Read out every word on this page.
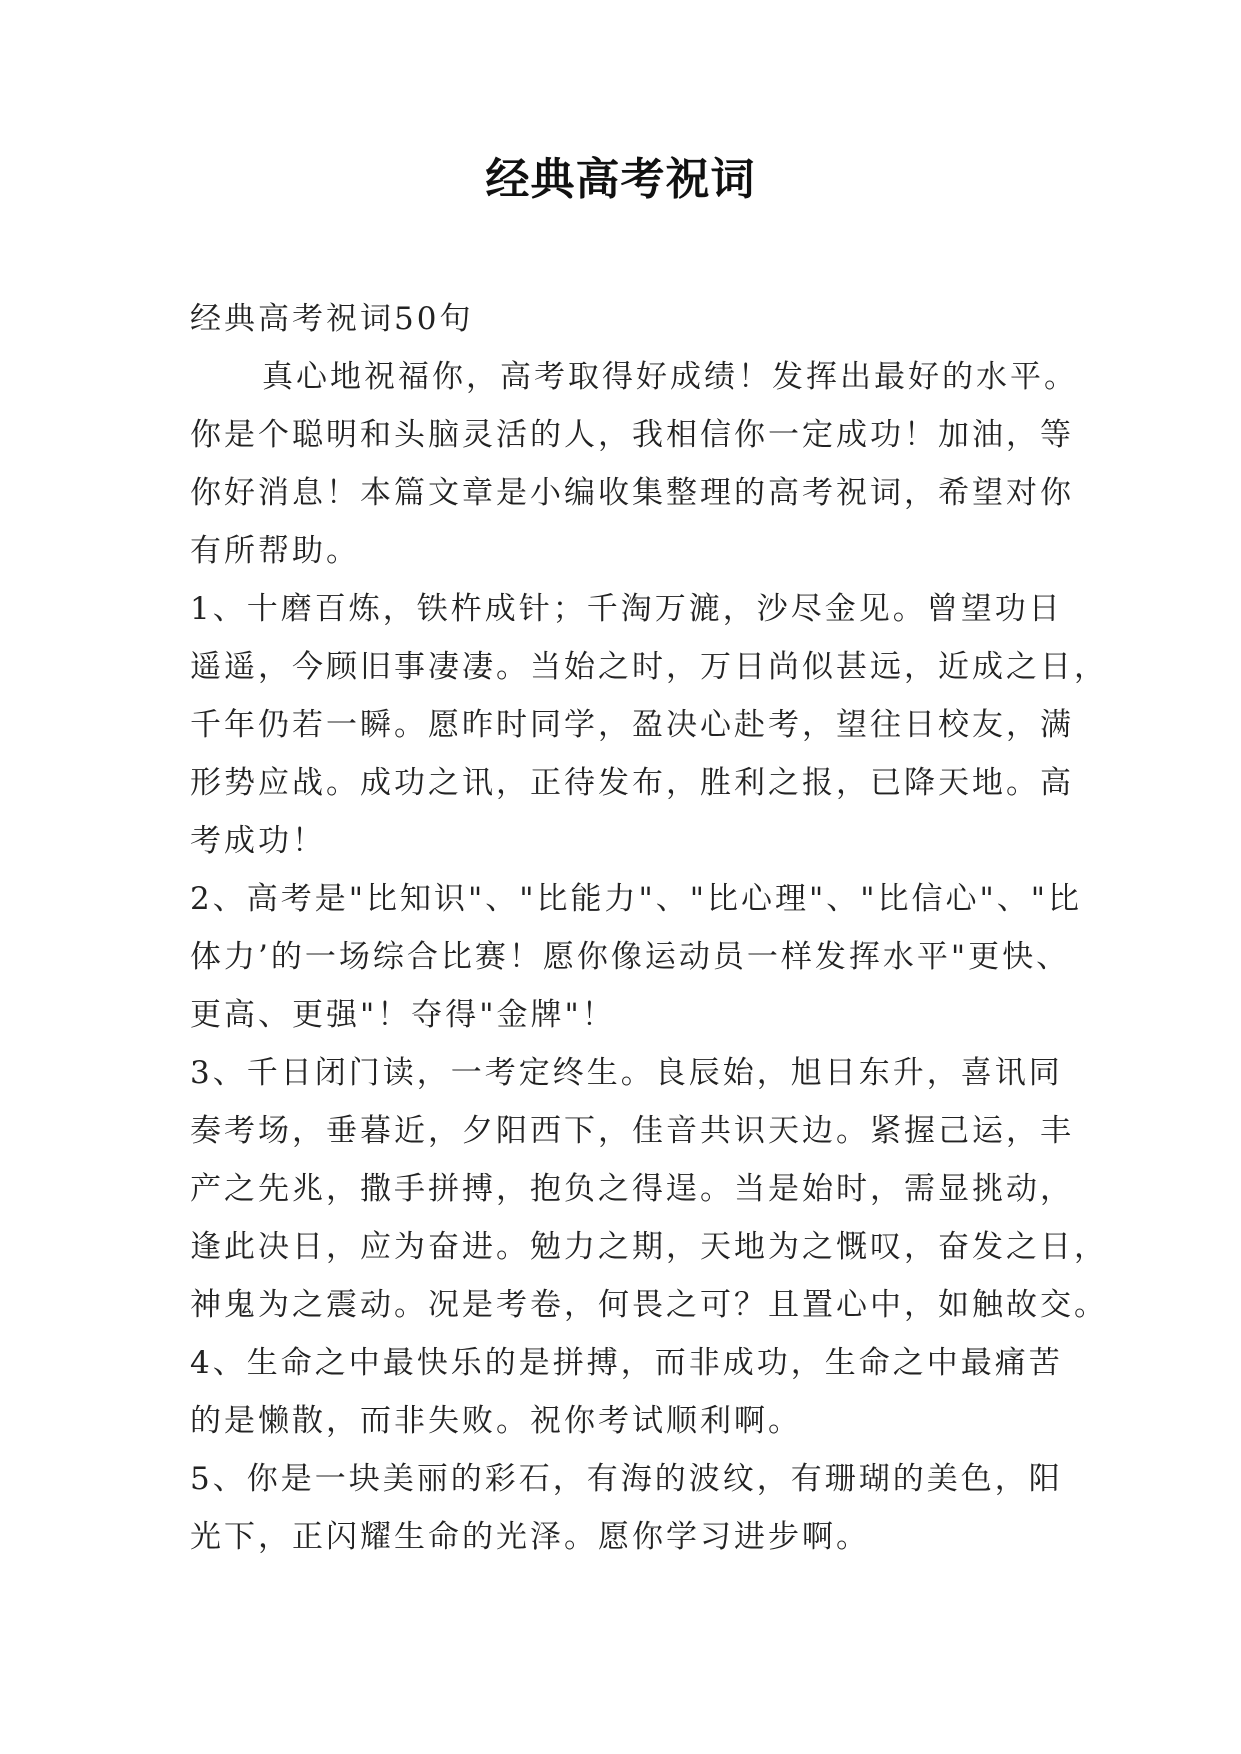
经典高考祝词
经典高考祝词50句
真心地祝福你，高考取得好成绩！发挥出最好的水平。
你是个聪明和头脑灵活的人，我相信你一定成功！加油，等
你好消息！本篇文章是小编收集整理的高考祝词，希望对你
有所帮助。
1、十磨百炼，铁杵成针；千淘万漉，沙尽金见。曾望功日
遥遥，今顾旧事凄凄。当始之时，万日尚似甚远，近成之日，
千年仍若一瞬。愿昨时同学，盈决心赴考，望往日校友，满
形势应战。成功之讯，正待发布，胜利之报，已降天地。高
考成功！
2、高考是"比知识"、"比能力"、"比心理"、"比信心"、"比
体力’的一场综合比赛！愿你像运动员一样发挥水平"更快、
更高、更强"！夺得"金牌"！
3、千日闭门读，一考定终生。良辰始，旭日东升，喜讯同
奏考场，垂暮近，夕阳西下，佳音共识天边。紧握己运，丰
产之先兆，撒手拼搏，抱负之得逞。当是始时，需显挑动，
逢此决日，应为奋进。勉力之期，天地为之慨叹，奋发之日，
神鬼为之震动。况是考卷，何畏之可？且置心中，如触故交。
4、生命之中最快乐的是拼搏，而非成功，生命之中最痛苦
的是懒散，而非失败。祝你考试顺利啊。
5、你是一块美丽的彩石，有海的波纹，有珊瑚的美色，阳
光下，正闪耀生命的光泽。愿你学习进步啊。
